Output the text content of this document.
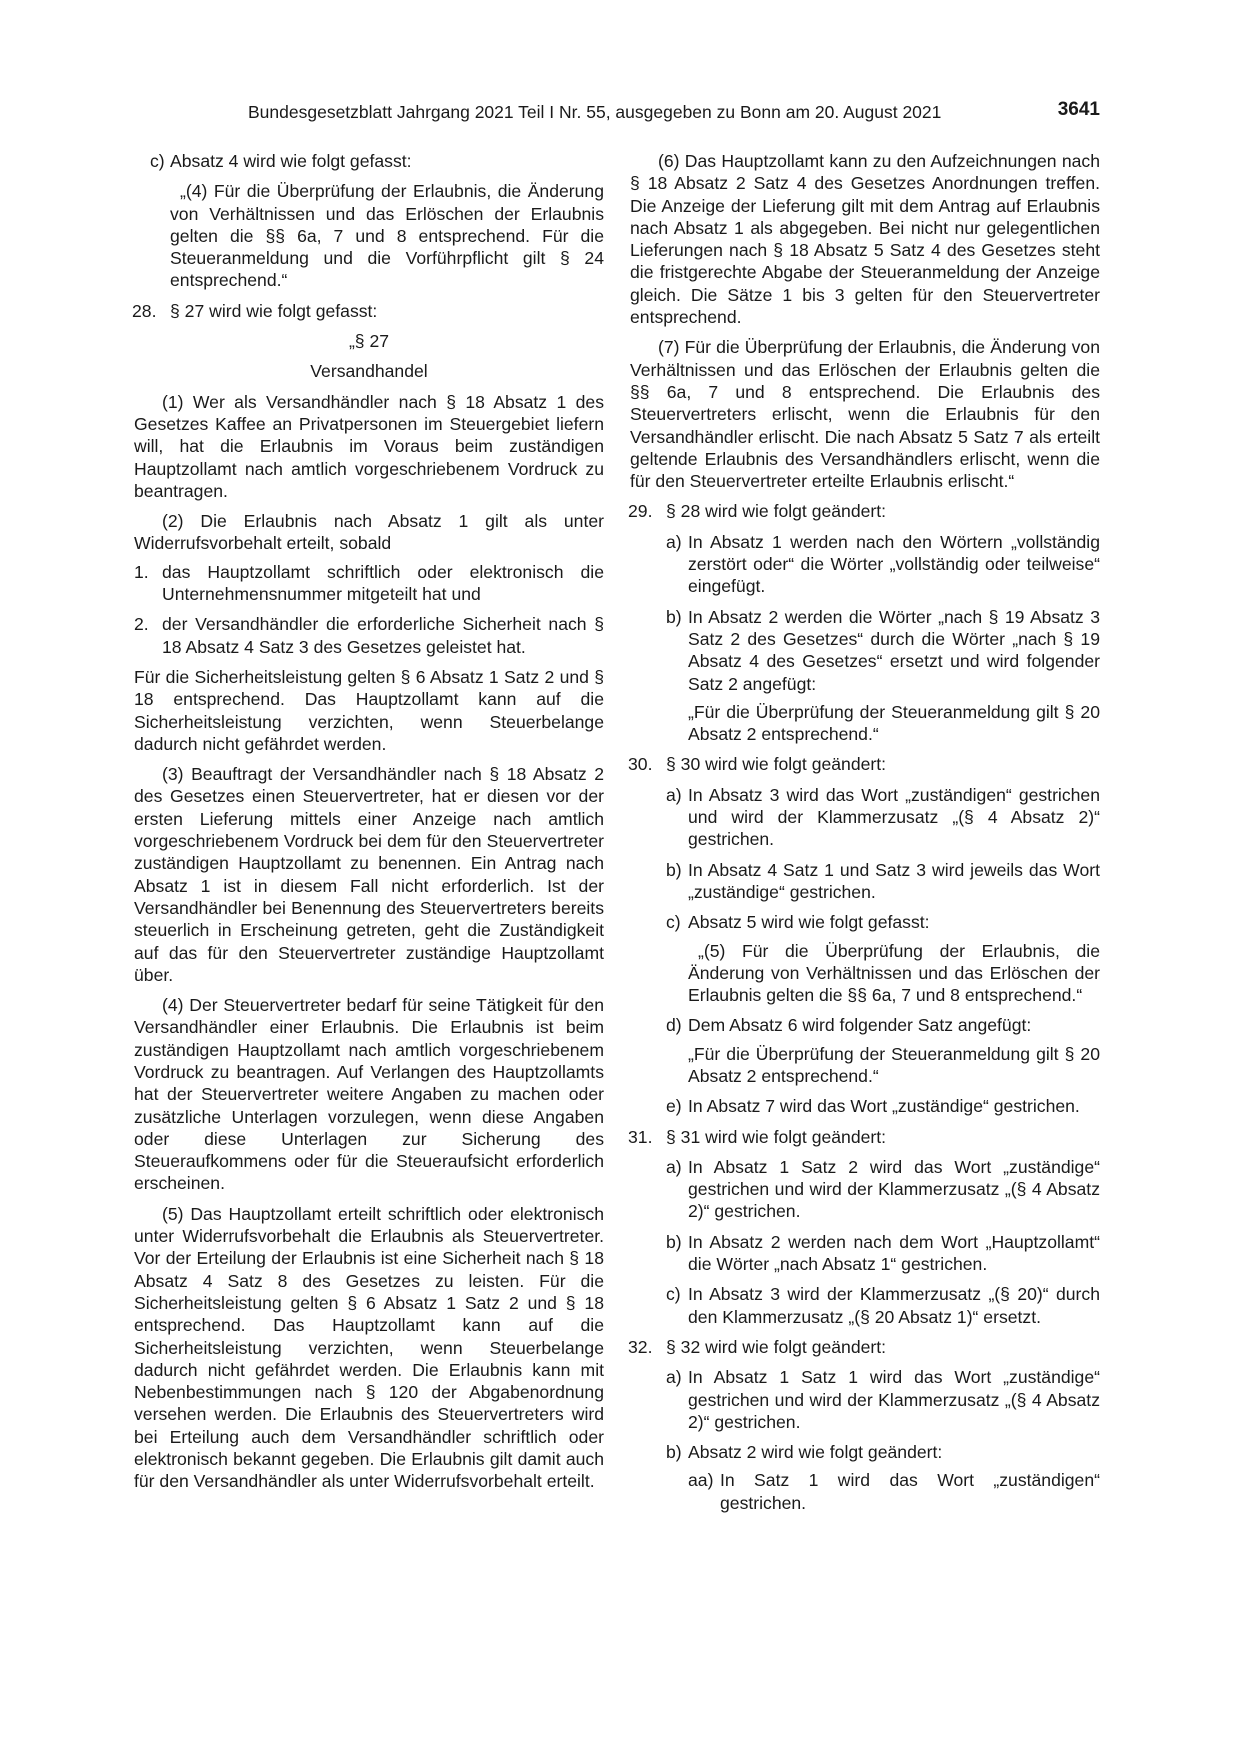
Bundesgesetzblatt Jahrgang 2021 Teil I Nr. 55, ausgegeben zu Bonn am 20. August 2021	3641
c) Absatz 4 wird wie folgt gefasst:
„(4) Für die Überprüfung der Erlaubnis, die Änderung von Verhältnissen und das Erlöschen der Erlaubnis gelten die §§ 6a, 7 und 8 entsprechend. Für die Steueranmeldung und die Vorführpflicht gilt § 24 entsprechend.“
28. § 27 wird wie folgt gefasst:
„§ 27
Versandhandel
(1) Wer als Versandhändler nach § 18 Absatz 1 des Gesetzes Kaffee an Privatpersonen im Steuergebiet liefern will, hat die Erlaubnis im Voraus beim zuständigen Hauptzollamt nach amtlich vorgeschriebenem Vordruck zu beantragen.
(2) Die Erlaubnis nach Absatz 1 gilt als unter Widerrufsvorbehalt erteilt, sobald
1. das Hauptzollamt schriftlich oder elektronisch die Unternehmensnummer mitgeteilt hat und
2. der Versandhändler die erforderliche Sicherheit nach § 18 Absatz 4 Satz 3 des Gesetzes geleistet hat.
Für die Sicherheitsleistung gelten § 6 Absatz 1 Satz 2 und § 18 entsprechend. Das Hauptzollamt kann auf die Sicherheitsleistung verzichten, wenn Steuerbelange dadurch nicht gefährdet werden.
(3) Beauftragt der Versandhändler nach § 18 Absatz 2 des Gesetzes einen Steuervertreter, hat er diesen vor der ersten Lieferung mittels einer Anzeige nach amtlich vorgeschriebenem Vordruck bei dem für den Steuervertreter zuständigen Hauptzollamt zu benennen. Ein Antrag nach Absatz 1 ist in diesem Fall nicht erforderlich. Ist der Versandhändler bei Benennung des Steuervertreters bereits steuerlich in Erscheinung getreten, geht die Zuständigkeit auf das für den Steuervertreter zuständige Hauptzollamt über.
(4) Der Steuervertreter bedarf für seine Tätigkeit für den Versandhändler einer Erlaubnis. Die Erlaubnis ist beim zuständigen Hauptzollamt nach amtlich vorgeschriebenem Vordruck zu beantragen. Auf Verlangen des Hauptzollamts hat der Steuervertreter weitere Angaben zu machen oder zusätzliche Unterlagen vorzulegen, wenn diese Angaben oder diese Unterlagen zur Sicherung des Steueraufkommens oder für die Steueraufsicht erforderlich erscheinen.
(5) Das Hauptzollamt erteilt schriftlich oder elektronisch unter Widerrufsvorbehalt die Erlaubnis als Steuervertreter. Vor der Erteilung der Erlaubnis ist eine Sicherheit nach § 18 Absatz 4 Satz 8 des Gesetzes zu leisten. Für die Sicherheitsleistung gelten § 6 Absatz 1 Satz 2 und § 18 entsprechend. Das Hauptzollamt kann auf die Sicherheitsleistung verzichten, wenn Steuerbelange dadurch nicht gefährdet werden. Die Erlaubnis kann mit Nebenbestimmungen nach § 120 der Abgabenordnung versehen werden. Die Erlaubnis des Steuervertreters wird bei Erteilung auch dem Versandhändler schriftlich oder elektronisch bekannt gegeben. Die Erlaubnis gilt damit auch für den Versandhändler als unter Widerrufsvorbehalt erteilt.
(6) Das Hauptzollamt kann zu den Aufzeichnungen nach § 18 Absatz 2 Satz 4 des Gesetzes Anordnungen treffen. Die Anzeige der Lieferung gilt mit dem Antrag auf Erlaubnis nach Absatz 1 als abgegeben. Bei nicht nur gelegentlichen Lieferungen nach § 18 Absatz 5 Satz 4 des Gesetzes steht die fristgerechte Abgabe der Steueranmeldung der Anzeige gleich. Die Sätze 1 bis 3 gelten für den Steuervertreter entsprechend.
(7) Für die Überprüfung der Erlaubnis, die Änderung von Verhältnissen und das Erlöschen der Erlaubnis gelten die §§ 6a, 7 und 8 entsprechend. Die Erlaubnis des Steuervertreters erlischt, wenn die Erlaubnis für den Versandhändler erlischt. Die nach Absatz 5 Satz 7 als erteilt geltende Erlaubnis des Versandhändlers erlischt, wenn die für den Steuervertreter erteilte Erlaubnis erlischt.“
29. § 28 wird wie folgt geändert:
a) In Absatz 1 werden nach den Wörtern „vollständig zerstört oder“ die Wörter „vollständig oder teilweise“ eingefügt.
b) In Absatz 2 werden die Wörter „nach § 19 Absatz 3 Satz 2 des Gesetzes“ durch die Wörter „nach § 19 Absatz 4 des Gesetzes“ ersetzt und wird folgender Satz 2 angefügt:
„Für die Überprüfung der Steueranmeldung gilt § 20 Absatz 2 entsprechend.“
30. § 30 wird wie folgt geändert:
a) In Absatz 3 wird das Wort „zuständigen“ gestrichen und wird der Klammerzusatz „(§ 4 Absatz 2)“ gestrichen.
b) In Absatz 4 Satz 1 und Satz 3 wird jeweils das Wort „zuständige“ gestrichen.
c) Absatz 5 wird wie folgt gefasst:
„(5) Für die Überprüfung der Erlaubnis, die Änderung von Verhältnissen und das Erlöschen der Erlaubnis gelten die §§ 6a, 7 und 8 entsprechend.“
d) Dem Absatz 6 wird folgender Satz angefügt:
„Für die Überprüfung der Steueranmeldung gilt § 20 Absatz 2 entsprechend.“
e) In Absatz 7 wird das Wort „zuständige“ gestrichen.
31. § 31 wird wie folgt geändert:
a) In Absatz 1 Satz 2 wird das Wort „zuständige“ gestrichen und wird der Klammerzusatz „(§ 4 Absatz 2)“ gestrichen.
b) In Absatz 2 werden nach dem Wort „Hauptzollamt“ die Wörter „nach Absatz 1“ gestrichen.
c) In Absatz 3 wird der Klammerzusatz „(§ 20)“ durch den Klammerzusatz „(§ 20 Absatz 1)“ ersetzt.
32. § 32 wird wie folgt geändert:
a) In Absatz 1 Satz 1 wird das Wort „zuständige“ gestrichen und wird der Klammerzusatz „(§ 4 Absatz 2)“ gestrichen.
b) Absatz 2 wird wie folgt geändert:
aa) In Satz 1 wird das Wort „zuständigen“ gestrichen.
